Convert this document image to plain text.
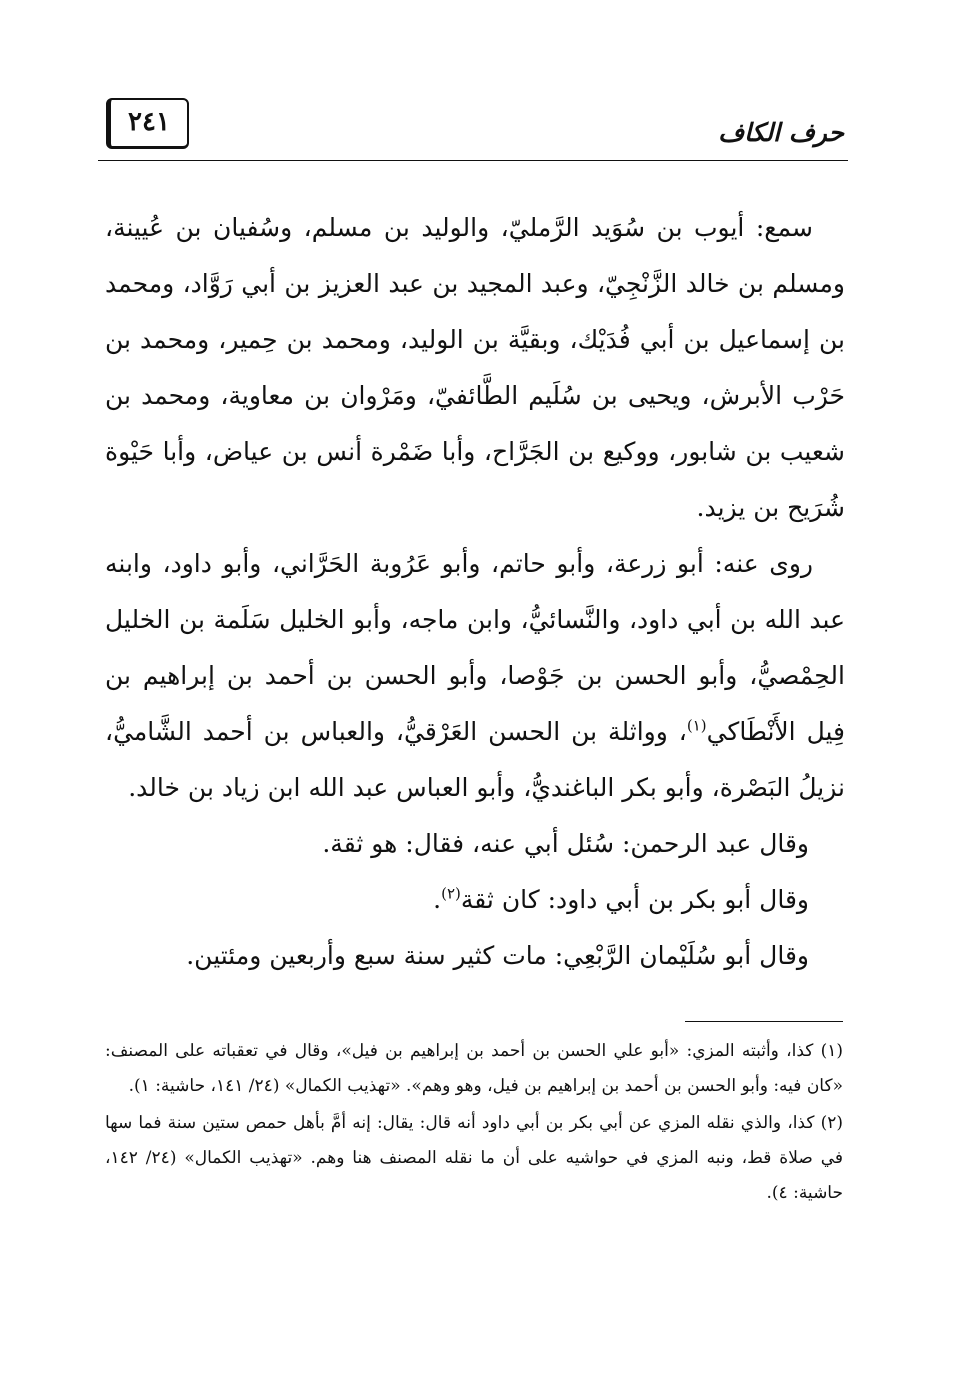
٢٤١	حرف الكاف

سمع: أيوب بن سُوَيد الرَّمليّ، والوليد بن مسلم، وسُفيان بن عُيينة، ومسلم بن خالد الزَّنْجِيّ، وعبد المجيد بن عبد العزيز بن أبي رَوَّاد، ومحمد بن إسماعيل بن أبي فُدَيْك، وبقيَّة بن الوليد، ومحمد بن حِمير، ومحمد بن حَرْب الأبرش، ويحيى بن سُلَيم الطَّائفيّ، ومَرْوان بن معاوية، ومحمد بن شعيب بن شابور، ووكيع بن الجَرَّاح، وأبا ضَمْرة أنس بن عياض، وأبا حَيْوة شُرَيح بن يزيد.

روى عنه: أبو زرعة، وأبو حاتم، وأبو عَرُوبة الحَرَّاني، وأبو داود، وابنه عبد الله بن أبي داود، والنَّسائيُّ، وابن ماجه، وأبو الخليل سَلَمة بن الخليل الحِمْصيُّ، وأبو الحسن بن جَوْصا، وأبو الحسن بن أحمد بن إبراهيم بن فِيل الأَنْطَاكي$^{(١)}$، وواثلة بن الحسن العَرْقيُّ، والعباس بن أحمد الشَّاميُّ، نزيلُ البَصْرة، وأبو بكر الباغنديُّ، وأبو العباس عبد الله ابن زياد بن خالد.

وقال عبد الرحمن: سُئل أبي عنه، فقال: هو ثقة.

وقال أبو بكر بن أبي داود: كان ثقة$^{(٢)}$.

وقال أبو سُلَيْمان الرَّبْعِي: مات كثير سنة سبع وأربعين ومئتين.

(١) كذا، وأثبته المزي: «أبو علي الحسن بن أحمد بن إبراهيم بن فيل»، وقال في تعقباته على المصنف: «كان فيه: وأبو الحسن بن أحمد بن إبراهيم بن فيل، وهو وهم». «تهذيب الكمال» (٢٤/ ١٤١، حاشية: ١).

(٢) كذا، والذي نقله المزي عن أبي بكر بن أبي داود أنه قال: يقال: إنه أمَّ بأهل حمص ستين سنة فما سها في صلاة قط، ونبه المزي في حواشيه على أن ما نقله المصنف هنا وهم. «تهذيب الكمال» (٢٤/ ١٤٢، حاشية: ٤).
